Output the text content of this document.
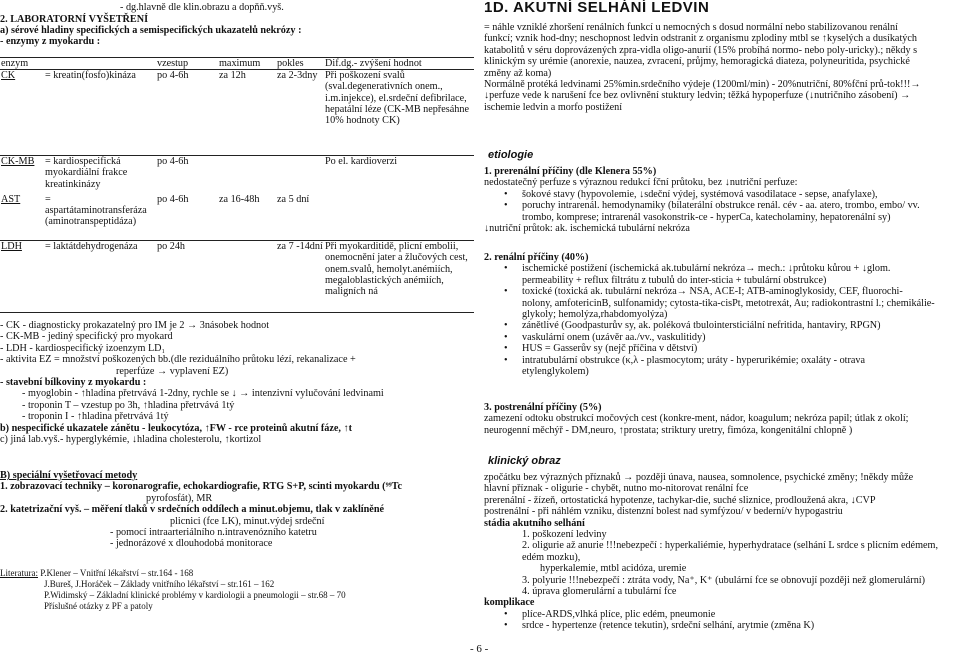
- dg.hlavně dle klin.obrazu a dopňň.vyš.
2. LABORATORNÍ VYŠETŘENÍ
a) sérové hladiny specifických a semispecifických ukazatelů nekrózy :
- enzymy z myokardu :
enzym		vzestup	maximum	pokles	Dif.dg.- zvýšení hodnot
CK	= kreatin(fosfo)kináza	po 4-6h	za 12h	za 2-3dny	Při poškození svalů (sval.degenerativních onem., i.m.injekce), el.srdeční defibrilace, hepatální léze (CK-MB nepřesáhne 10% hodnoty CK)
CK-MB	= kardiospecifická myokardiální frakce kreatinkinázy	po 4-6h			Po el. kardioverzi
AST	= aspartátaminotransferáza (aminotranspeptidáza)	po 4-6h	za 16-48h	za 5 dní	
LDH	= laktátdehydrogenáza	po 24h		za 7 -14dní	Při myokarditidě, plicní embolii, onemocnění jater a žlučových cest, onem.svalů, hemolyt.anémiích, megaloblastických anémiích, maligních ná
- CK - diagnosticky prokazatelný pro IM je 2 → 3násobek hodnot
- CK-MB - jediný specifický pro myokard
- LDH - kardiospecifický izoenzym LD₁
- aktivita EZ = množství poškozených bb.(dle reziduálního průtoku lézí, rekanalizace +
reperfúze → vyplavení EZ)
- stavební bílkoviny z myokardu :
- myoglobin - ↑hladina přetrvává 1-2dny, rychle se ↓ → intenzivní vylučování ledvinami
- troponin T – vzestup po 3h, ↑hladina přetrvává 1tý
- troponin I - ↑hladina přetrvává 1tý
b) nespecifické ukazatele zánětu - leukocytóza, ↑FW - rce proteinů akutní fáze, ↑t
c) jiná lab.vyš.- hyperglykémie, ↓hladina cholesterolu, ↑kortizol
B) speciální vyšetřovací metody
1. zobrazovací techniky – koronarografie, echokardiografie, RTG S+P, scinti myokardu (⁹⁹Tc
pyrofosfát), MR
2. katetrizační vyš. – měření tlaků v srdečních oddílech a minut.objemu, tlak v zaklíněné
plicnici (fce LK), minut.výdej srdeční
- pomocí intraarteriálního n.intravenózního katetru
- jednorázové x dlouhodobá monitorace
Literatura: P.Klener – Vnitřní lékařství – str.164 - 168
J.Bureš, J.Horáček – Základy vnitřního lékařství – str.161 – 162
P.Widimský – Základní klinické problémy v kardiologii a pneumologii – str.68 – 70
Příslušné otázky z PF a patoly
1D. AKUTNÍ SELHÁNÍ LEDVIN
= náhle vzniklé zhoršení renálních funkcí u nemocných s dosud normální nebo stabilizovanou renální
funkcí; vznik hod-dny; neschopnost ledvin odstranit z organismu zplodiny mtbl se ↑kyselých a dusíkatých
katabolitů v séru doprovázených zpra-vidla oligo-anurií (15% probíhá normo- nebo poly-uricky).; někdy s
klinickým sy urémie (anorexie, nauzea, zvracení, průjmy, hemoragická diateza, polyneuritida, psychické
změny až koma)
Normálně protéká ledvinami 25%min.srdečního výdeje (1200ml/min) - 20%nutriční, 80%fční prů-tok!!!→
↓perfuze vede k narušení fce bez ovlivnění stuktury ledvin; těžká hypoperfuze (↓nutričního zásobení) →
ischemie ledvin a morfo postižení
etiologie
1. prerenální příčiny (dle Klenera 55%)
nedostatečný perfuze s výraznou redukcí fční průtoku, bez ↓nutriční perfuze:
• šokové stavy (hypovolemie, ↓sdeční výdej, systémová vasodilatace - sepse, anafylaxe),
• poruchy intrarenál. hemodynamiky (bilaterální obstrukce renál. cév - aa. atero, trombo, embo/ vv.
trombo, komprese; intrarenál vasokonstrik-ce - hyperCa, katecholaminy, hepatorenální sy)
↓nutriční průtok: ak. ischemická tubulární nekróza
2. renální příčiny (40%)
• ischemické postižení (ischemická ak.tubulární nekróza→ mech.: ↓průtoku kůrou + ↓glom.
permeability + reflux filtrátu z tubulů do inter-sticia + tubulární obstrukce)
• toxické (toxická ak. tubulární nekróza→ NSA, ACE-I; ATB-aminoglykosidy, CEF, fluorochi-
nolony, amfotericinB, sulfonamidy; cytosta-tika-cisPt, metotrexát, Au; radiokontrastní l.; chemikálie-
glykoly; hemolýza,rhabdomyolýza)
• zánětlivé (Goodpasturův sy, ak. poléková tbulointersticiální nefritida, hantaviry, RPGN)
• vaskulární onem (uzávěr aa./vv., vaskulitidy)
• HUS = Gasserův sy (nejč příčina v dětství)
• intratubulární obstrukce (κ,λ - plasmocytom; uráty - hyperurikémie; oxaláty - otrava
etylenglykolem)
3. postrenální příčiny (5%)
zamezení odtoku obstrukcí močových cest (konkre-ment, nádor, koagulum; nekróza papil; útlak z okolí;
neurogenní měchýř - DM,neuro, ↑prostata; striktury uretry, fimóza, kongenitální chlopně )
klinický obraz
zpočátku bez výrazných příznaků → později únava, nausea, somnolence, psychické změny; !někdy může
hlavní příznak - oligurie - chybět, nutno mo-nitorovat renální fce
prerenální - žízeň, ortostatická hypotenze, tachykar-die, suché sliznice, prodloužená akra, ↓CVP
postrenální - při náhlém vzniku, distenzní bolest nad symfýzou/ v bederní/v hypogastriu
stádia akutního selhání
1. poškození ledviny
2. oligurie až anurie !!!nebezpečí : hyperkaliémie, hyperhydratace (selhání L srdce s plicním edémem, edém mozku),
hyperkalemie, mtbl acidóza, uremie
3. polyurie !!!nebezpečí : ztráta vody, Na⁺, K⁺ (ubulární fce se obnovují později než glomerulární)
4. úprava glomerulární a tubulární fce
komplikace
• plíce-ARDS,vlhká plíce, plic edém, pneumonie
• srdce - hypertenze (retence tekutin), srdeční selhání, arytmie (změna K)
- 6 -
